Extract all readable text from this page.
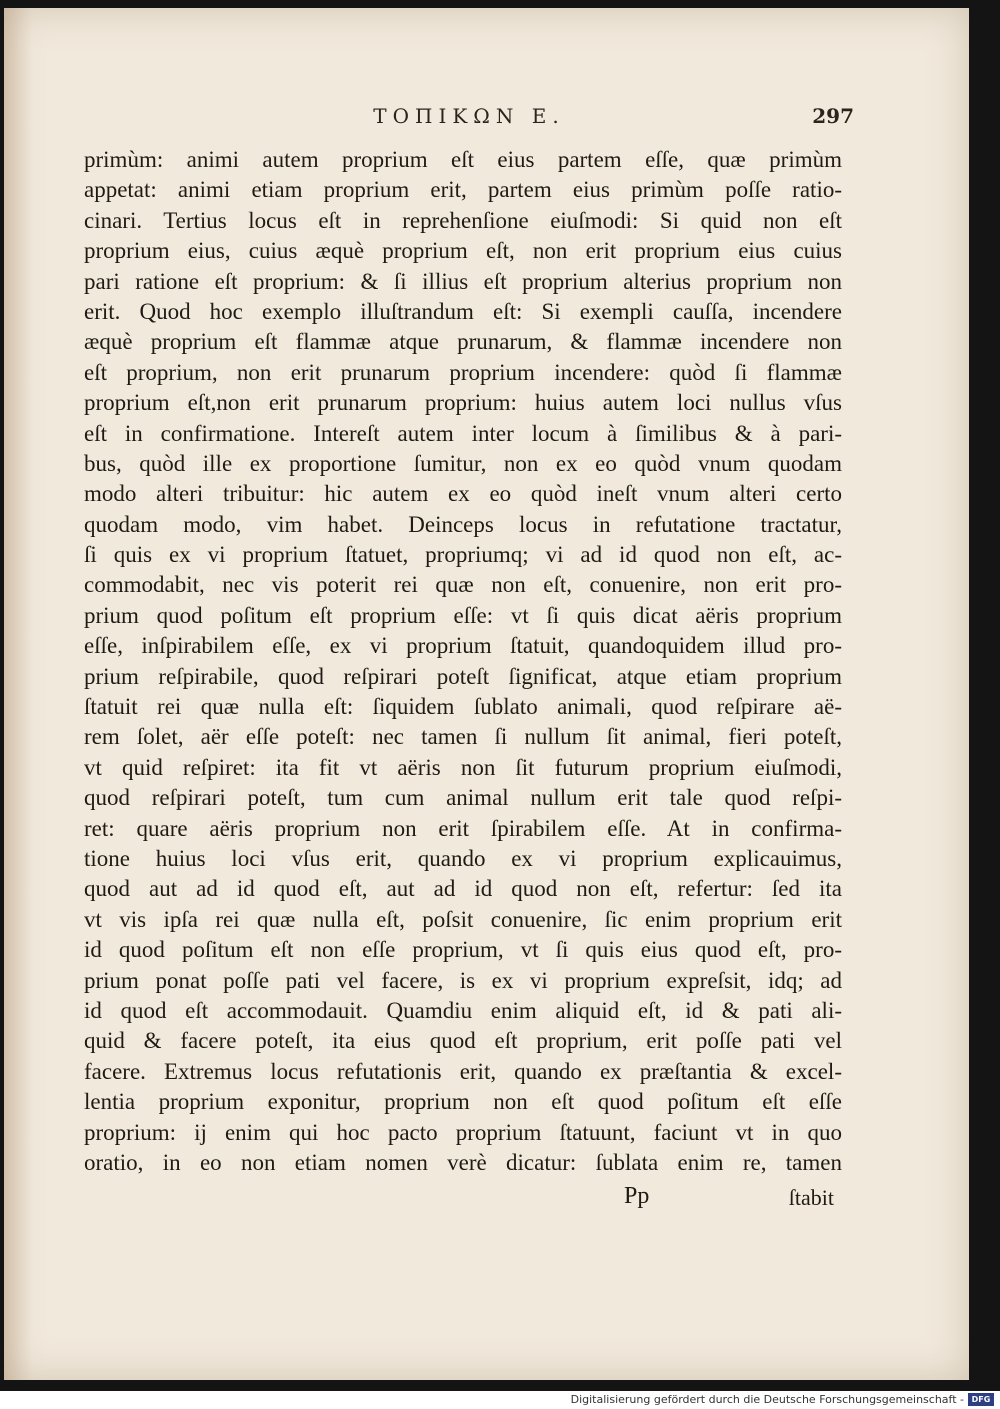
ΤΟΠΙΚΩΝ Ε.	297
primùm: animi autem proprium eſt eius partem eſſe, quæ primùm
appetat: animi etiam proprium erit, partem eius primùm poſſe ratio-
cinari. Tertius locus eſt in reprehenſione eiuſmodi: Si quid non eſt
proprium eius, cuius æquè proprium eſt, non erit proprium eius cuius
pari ratione eſt proprium: & ſi illius eſt proprium alterius proprium non
erit. Quod hoc exemplo illuſtrandum eſt: Si exempli cauſſa, incendere
æquè proprium eſt flammæ atque prunarum, & flammæ incendere non
eſt proprium, non erit prunarum proprium incendere: quòd ſi flammæ
proprium eſt,non erit prunarum proprium: huius autem loci nullus vſus
eſt in confirmatione. Intereſt autem inter locum à ſimilibus & à pari-
bus, quòd ille ex proportione ſumitur, non ex eo quòd vnum quodam
modo alteri tribuitur: hic autem ex eo quòd ineſt vnum alteri certo
quodam modo, vim habet. Deinceps locus in refutatione tractatur,
ſi quis ex vi proprium ſtatuet, propriumq; vi ad id quod non eſt, ac-
commodabit, nec vis poterit rei quæ non eſt, conuenire, non erit pro-
prium quod poſitum eſt proprium eſſe: vt ſi quis dicat aëris proprium
eſſe, inſpirabilem eſſe, ex vi proprium ſtatuit, quandoquidem illud pro-
prium reſpirabile, quod reſpirari poteſt ſignificat, atque etiam proprium
ſtatuit rei quæ nulla eſt: ſiquidem ſublato animali, quod reſpirare aë-
rem ſolet, aër eſſe poteſt: nec tamen ſi nullum ſit animal, fieri poteſt,
vt quid reſpiret: ita fit vt aëris non ſit futurum proprium eiuſmodi,
quod reſpirari poteſt, tum cum animal nullum erit tale quod reſpi-
ret: quare aëris proprium non erit ſpirabilem eſſe. At in confirma-
tione huius loci vſus erit, quando ex vi proprium explicauimus,
quod aut ad id quod eſt, aut ad id quod non eſt, refertur: ſed ita
vt vis ipſa rei quæ nulla eſt, poſsit conuenire, ſic enim proprium erit
id quod poſitum eſt non eſſe proprium, vt ſi quis eius quod eſt, pro-
prium ponat poſſe pati vel facere, is ex vi proprium expreſsit, idq; ad
id quod eſt accommodauit. Quamdiu enim aliquid eſt, id & pati ali-
quid & facere poteſt, ita eius quod eſt proprium, erit poſſe pati vel
facere. Extremus locus refutationis erit, quando ex præſtantia & excel-
lentia proprium exponitur, proprium non eſt quod poſitum eſt eſſe
proprium: ij enim qui hoc pacto proprium ſtatuunt, faciunt vt in quo
oratio, in eo non etiam nomen verè dicatur: ſublata enim re, tamen
Pp	ſtabit
Digitalisierung gefördert durch die Deutsche Forschungsgemeinschaft - DFG
